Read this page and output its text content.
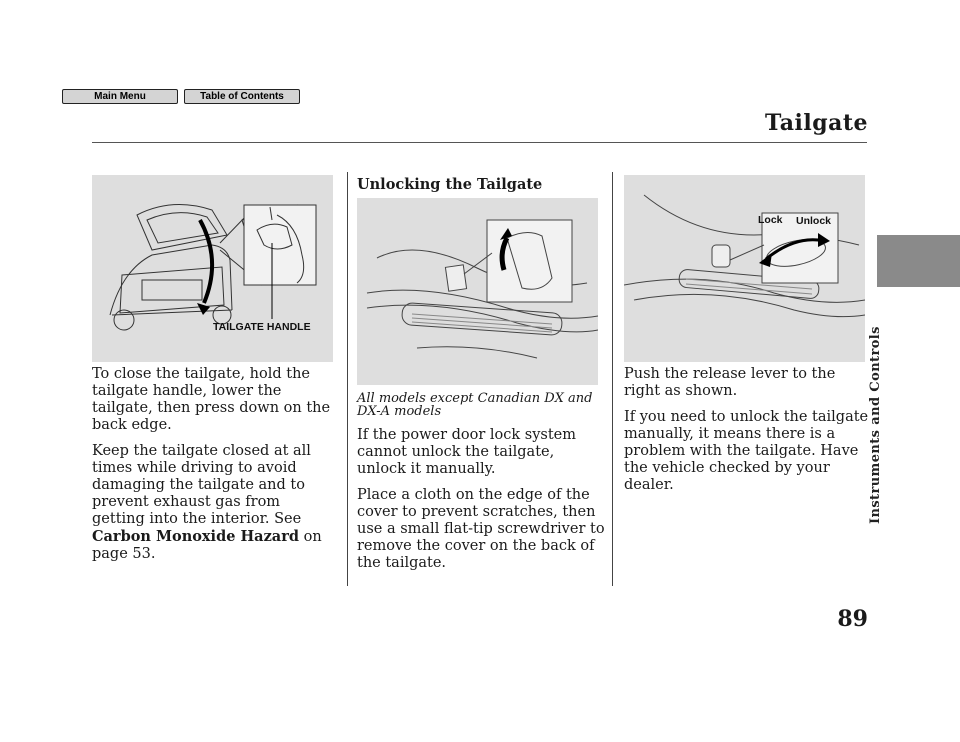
Main Menu	Table of Contents
Tailgate
Instruments and Controls
89
TAILGATE HANDLE
Lock Unlock

To close the tailgate, hold the tailgate handle, lower the tailgate, then press down on the back edge.

Keep the tailgate closed at all times while driving to avoid damaging the tailgate and to prevent exhaust gas from getting into the interior. See Carbon Monoxide Hazard on page 53.

Unlocking the Tailgate

All models except Canadian DX and DX-A models

If the power door lock system cannot unlock the tailgate, unlock it manually.

Place a cloth on the edge of the cover to prevent scratches, then use a small flat-tip screwdriver to remove the cover on the back of the tailgate.

Push the release lever to the right as shown.

If you need to unlock the tailgate manually, it means there is a problem with the tailgate. Have the vehicle checked by your dealer.
